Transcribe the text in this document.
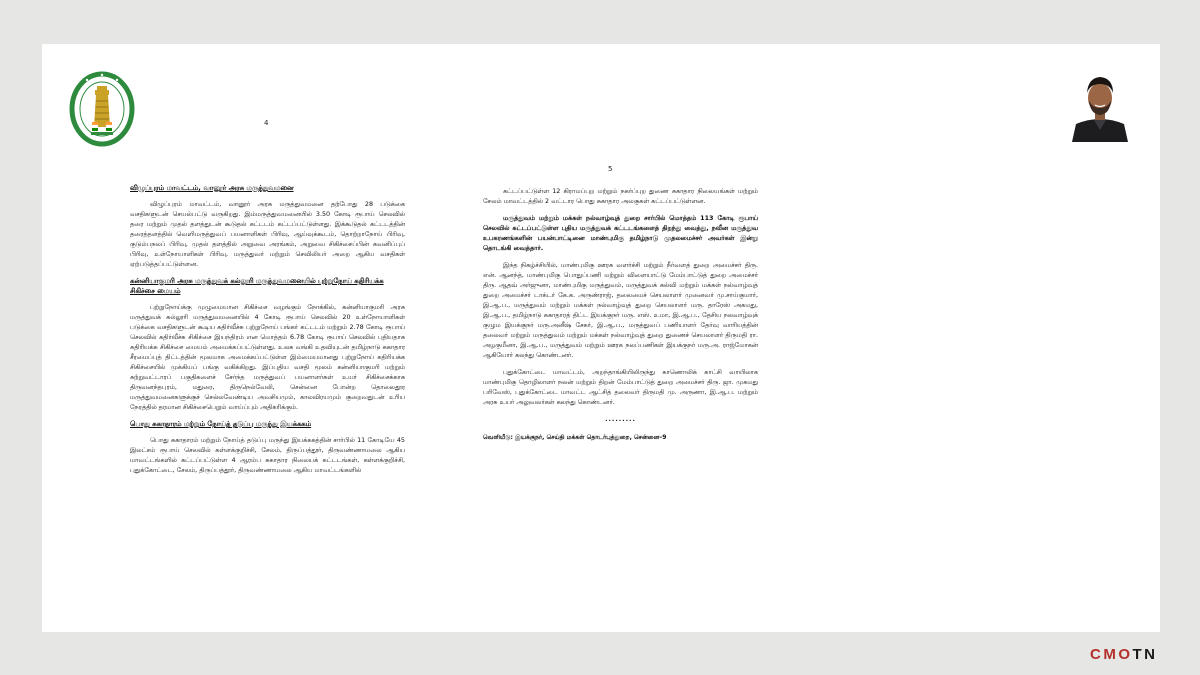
4
5
விழுப்புரம் மாவட்டம், வானூர் அரசு மருத்துவமனை
விழுப்புரம் மாவட்டம், வானூர் அரசு மருத்துவமனை தற்போது 28 படுக்கை வசதிகளுடன் செயல்பட்டு வருகிறது. இம்மருத்துவமனையில் 3.50 கோடி ரூபாய் செலவில் தரை மற்றும் முதல் தளத்துடன் கூடுதல் கட்டடம் கட்டப்பட்டுள்ளது. இக்கூடுதல் கட்டடத்தின் தரைத்தளத்தில் வெளிமருத்துவப் பயனாளிகள் பிரிவு, ஆய்வுக்கூடம், தொற்றாநோய் பிரிவு, குடும்பநலப் பிரிவு, முதல் தளத்தில் அறுவை அரங்கம், அறுவை சிகிச்சைப்பின் கவனிப்புப் பிரிவு, உள்நோயாளிகள் பிரிவு, மருத்துவர் மற்றும் செவிலியர் அறை ஆகிய வசதிகள் ஏற்படுத்தப்பட்டுள்ளன.
கன்னியாகுமரி அரசு மருத்துவக் கல்லூரி மருத்துவமனையில் புற்றுநோய் கதிரியக்க சிகிச்சை மையம்
புற்றுநோய்க்கு முழுமையான சிகிச்சை வழங்கும் நோக்கில், கன்னியாகுமரி அரசு மருத்துவக் கல்லூரி மருத்துவமனையில் 4 கோடி ரூபாய் செலவில் 20 உள்நோயாளிகள் படுக்கை வசதிகளுடன் கூடிய கதிர்வீச்சு புற்றுநோய் பங்கர் கட்டடம் மற்றும் 2.78 கோடி ரூபாய் செலவில் கதிர்வீச்சு சிகிச்சை இயந்திரம் என மொத்தம் 6.78 கோடி ரூபாய் செலவில் புதியதாக கதிரியக்க சிகிச்சை மையம் அமைக்கப்பட்டுள்ளது. உலக வங்கி உதவியுடன் தமிழ்நாடு சுகாதார சீரமைப்புத் திட்டத்தின் மூலமாக அமைக்கப்பட்டுள்ள இம்மையமானது புற்றுநோய் கதிரியக்க சிகிச்சையில் முக்கியப் பங்கு வகிக்கிறது. இப்புதிய வசதி மூலம் கன்னியாகுமரி மற்றும் சுற்றுவட்டாரப் பகுதிகளைச் சேர்ந்த மருத்துவப் பயனாளர்கள் உயர் சிகிச்சைக்காக திருவனந்தபுரம், மதுரை, திருநெல்வேலி, சென்னை போன்ற தொலைதூர மருத்துவமனைகளுக்குச் செல்லவேண்டிய அவசியமும், காலவிரயமும் குறைவதுடன் உரிய நேரத்தில் தரமான சிகிச்சைபெறும் வாய்ப்பும் அதிகரிக்கும்.
பொது சுகாதாரம் மற்றும் நோய்த் தடுப்பு மருந்து இயக்ககம்
பொது சுகாதாரம் மற்றும் நோய்த் தடுப்பு மருந்து இயக்ககத்தின் சார்பில் 11 கோடியே 45 இலட்சம் ரூபாய் செலவில் கள்ளக்குறிச்சி, சேலம், திருப்பத்தூர், திருவண்ணாமலை ஆகிய மாவட்டங்களில் கட்டப்பட்டுள்ள 4 ஆரம்ப சுகாதார நிலையக் கட்டடங்கள், கள்ளக்குறிச்சி, புதுக்கோட்டை, சேலம், திருப்பத்தூர், திருவண்ணாமலை ஆகிய மாவட்டங்களில்
கட்டப்பட்டுள்ள 12 கிராமப்புற மற்றும் நகர்ப்புற துணை சுகாதார நிலையங்கள் மற்றும் சேலம் மாவட்டத்தில் 2 வட்டார பொது சுகாதார அலகுகள் கட்டப்பட்டுள்ளன.
மருத்துவம் மற்றும் மக்கள் நல்வாழ்வுத் துறை சார்பில் மொத்தம் 113 கோடி ரூபாய் செலவில் கட்டப்பட்டுள்ள புதிய மருத்துவக் கட்டடங்களைத் திறந்து வைத்து, நவீன மருத்துவ உபகரணங்களின் பயன்பாட்டினை மாண்புமிகு தமிழ்நாடு முதலமைச்சர் அவர்கள் இன்று தொடங்கி வைத்தார்.
இந்த நிகழ்ச்சியில், மாண்புமிகு ஊரக வளர்ச்சி மற்றும் நீர்வளத் துறை அமைச்சர் திரு. என். ஆனந்த், மாண்புமிகு பொதுப்பணி மற்றும் விளையாட்டு மேம்பாட்டுத் துறை அமைச்சர் திரு. ஆதவ் அர்ஜுனா, மாண்புமிகு மருத்துவம், மருத்துவக் கல்வி மற்றும் மக்கள் நல்வாழ்வுத் துறை அமைச்சர் டாக்டர் கே.க. அருண்ராஜ், தலைமைச் செயலாளர் முனைவர் மு.சாய்குமார், இ.ஆ.ப., மருத்துவம் மற்றும் மக்கள் நல்வாழ்வுத் துறை செயலாளர் மரு. தாரேஸ் அகமது, இ.ஆ.ப., தமிழ்நாடு சுகாதாரத் திட்ட இயக்குநர் மரு. எஸ். உமா, இ.ஆ.ப., தேசிய நலவாழ்வுக் குழும இயக்குநர் மரு.அனீஷ் சேகர், இ.ஆ.ப., மருத்துவப் பணியாளர் தேர்வு வாரியத்தின் தலைவர் மற்றும் மருத்துவம் மற்றும் மக்கள் நல்வாழ்வுத் துறை துணைச் செயலாளர் திருமதி ரா. அழகுமீனா, இ.ஆ.ப., மருத்துவம் மற்றும் ஊரக நலப்பணிகள் இயக்குநர் மரு.அ. ராஜ்மோகன் ஆகியோர் கலந்து கொண்டனர்.
புதுக்கோட்டை மாவட்டம், அறந்தாங்கியிலிருந்து காணொலிக் காட்சி வாயிலாக மாண்புமிகு தொழிலாளர் நலன் மற்றும் திறன் மேம்பாட்டுத் துறை அமைச்சர் திரு. ஜா. முகமது பரிவேஸ், புதுக்கோட்டை மாவட்ட ஆட்சித் தலைவர் திருமதி மு. அருணா, இ.ஆ.ப. மற்றும் அரசு உயர் அலுவலர்கள் கலந்து கொண்டனர்.
.........
வெளியீடு: இயக்குநர், செய்தி மக்கள் தொடர்புத்துறை, சென்னை–9
CMOTN
